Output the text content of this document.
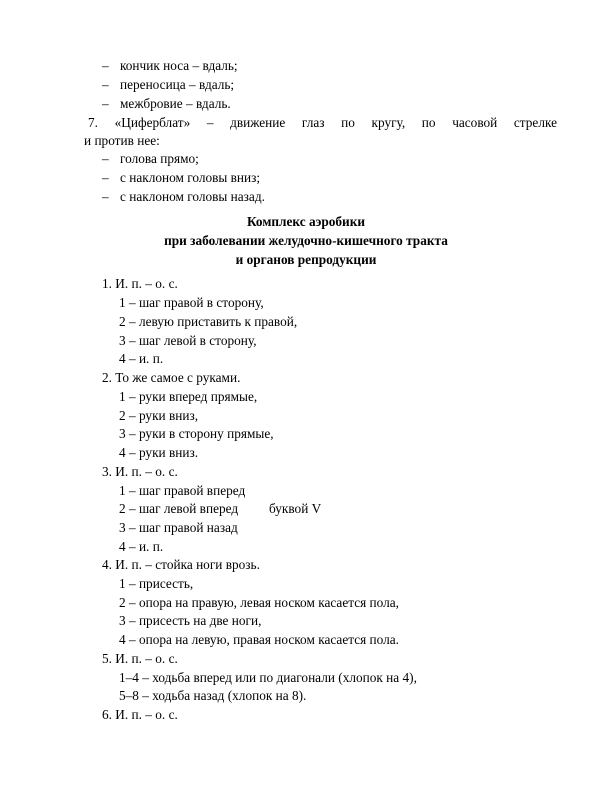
– кончик носа – вдаль;
– переносица – вдаль;
– межбровие – вдаль.
7. «Циферблат» – движение глаз по кругу, по часовой стрелке
и против нее:
– голова прямо;
– с наклоном головы вниз;
– с наклоном головы назад.
Комплекс аэробики
при заболевании желудочно-кишечного тракта
и органов репродукции
1. И. п. – о. с.
1 – шаг правой в сторону,
2 – левую приставить к правой,
3 – шаг левой в сторону,
4 – и. п.
2. То же самое с руками.
1 – руки вперед прямые,
2 – руки вниз,
3 – руки в сторону прямые,
4 – руки вниз.
3. И. п. – о. с.
1 – шаг правой вперед
2 – шаг левой вперед буквой V
3 – шаг правой назад
4 – и. п.
4. И. п. – стойка ноги врозь.
1 – присесть,
2 – опора на правую, левая носком касается пола,
3 – присесть на две ноги,
4 – опора на левую, правая носком касается пола.
5. И. п. – о. с.
1–4 – ходьба вперед или по диагонали (хлопок на 4),
5–8 – ходьба назад (хлопок на 8).
6. И. п. – о. с.
